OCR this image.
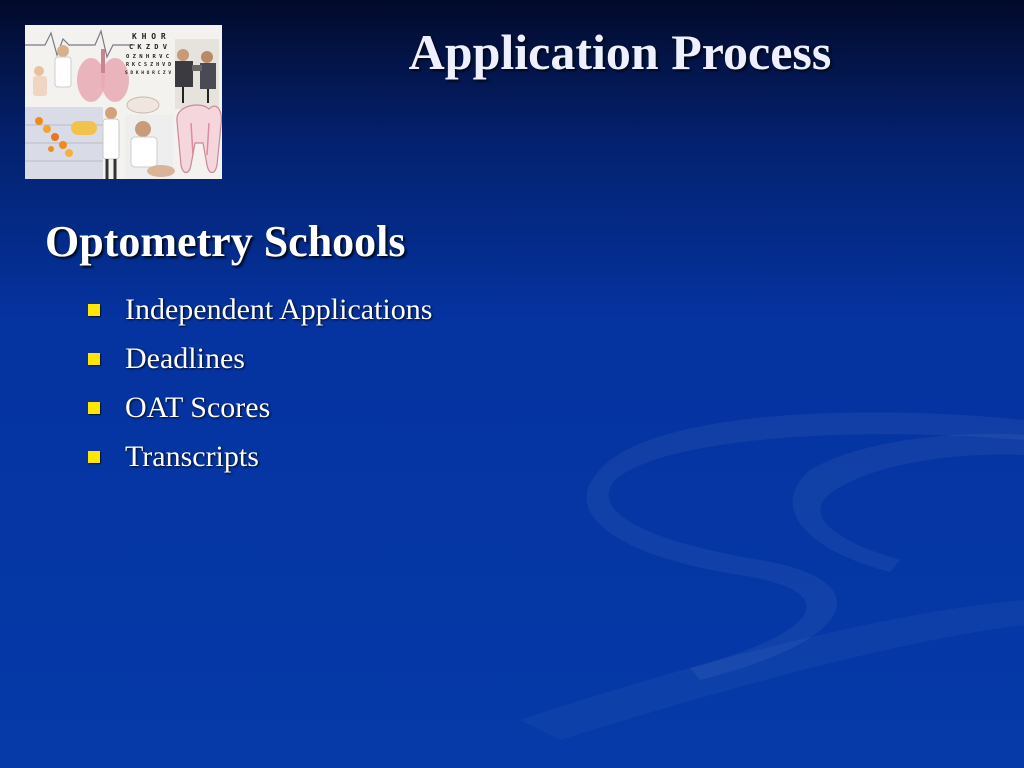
K H O R
C K Z D V
O Z N H R V C
R K C S Z H V D
S D K H O R C Z V	Application Process
Optometry Schools
Independent Applications
Deadlines
OAT Scores
Transcripts
